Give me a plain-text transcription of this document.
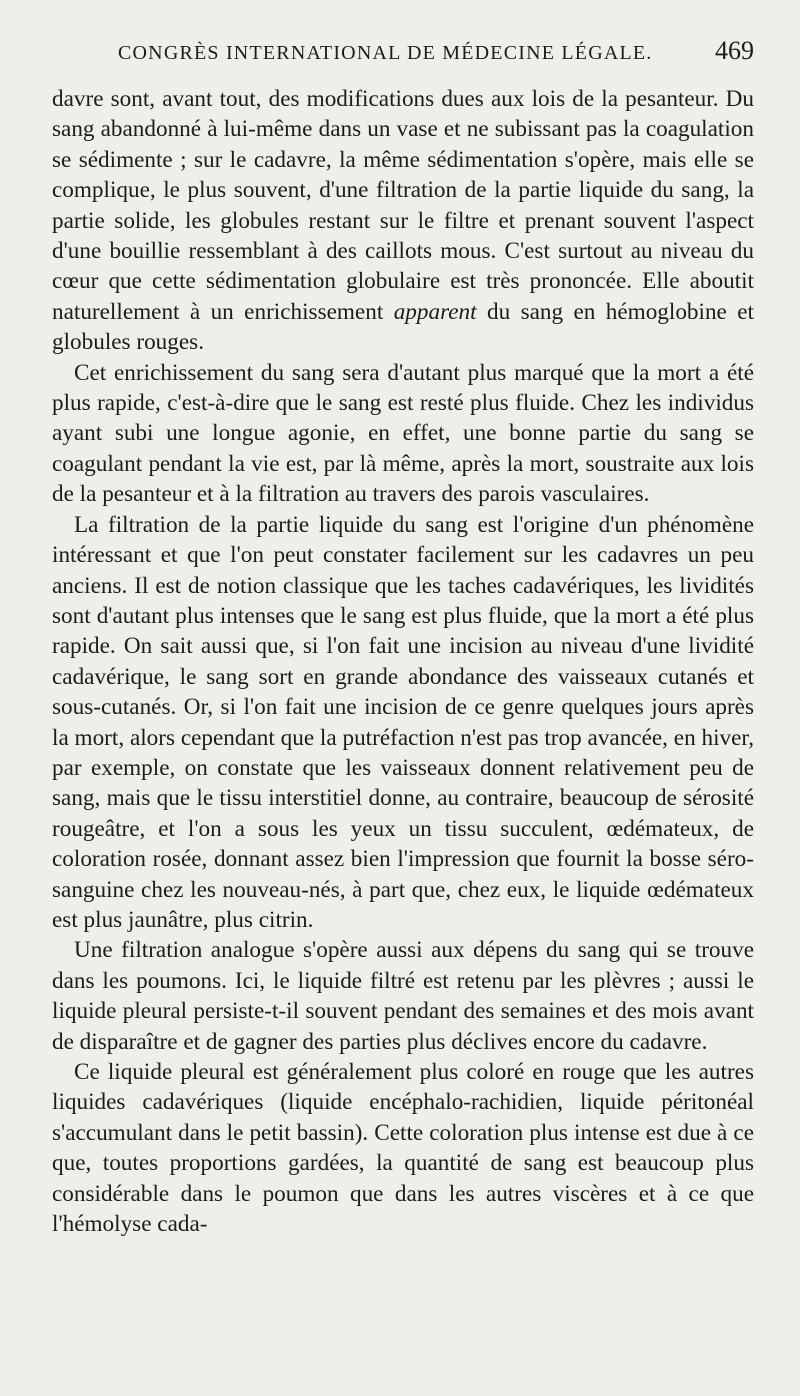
CONGRÈS INTERNATIONAL DE MÉDECINE LÉGALE. 469

davre sont, avant tout, des modifications dues aux lois de la pesanteur. Du sang abandonné à lui-même dans un vase et ne subissant pas la coagulation se sédimente ; sur le cadavre, la même sédimentation s'opère, mais elle se complique, le plus souvent, d'une filtration de la partie liquide du sang, la partie solide, les globules restant sur le filtre et prenant souvent l'aspect d'une bouillie ressemblant à des caillots mous. C'est surtout au niveau du cœur que cette sédimentation globulaire est très prononcée. Elle aboutit naturellement à un enrichissement apparent du sang en hémoglobine et globules rouges.

Cet enrichissement du sang sera d'autant plus marqué que la mort a été plus rapide, c'est-à-dire que le sang est resté plus fluide. Chez les individus ayant subi une longue agonie, en effet, une bonne partie du sang se coagulant pendant la vie est, par là même, après la mort, soustraite aux lois de la pesanteur et à la filtration au travers des parois vasculaires.

La filtration de la partie liquide du sang est l'origine d'un phénomène intéressant et que l'on peut constater facilement sur les cadavres un peu anciens. Il est de notion classique que les taches cadavériques, les lividités sont d'autant plus intenses que le sang est plus fluide, que la mort a été plus rapide. On sait aussi que, si l'on fait une incision au niveau d'une lividité cadavérique, le sang sort en grande abondance des vaisseaux cutanés et sous-cutanés. Or, si l'on fait une incision de ce genre quelques jours après la mort, alors cependant que la putréfaction n'est pas trop avancée, en hiver, par exemple, on constate que les vaisseaux donnent relativement peu de sang, mais que le tissu interstitiel donne, au contraire, beaucoup de sérosité rougeâtre, et l'on a sous les yeux un tissu succulent, œdémateux, de coloration rosée, donnant assez bien l'impression que fournit la bosse séro-sanguine chez les nouveau-nés, à part que, chez eux, le liquide œdémateux est plus jaunâtre, plus citrin.

Une filtration analogue s'opère aussi aux dépens du sang qui se trouve dans les poumons. Ici, le liquide filtré est retenu par les plèvres ; aussi le liquide pleural persiste-t-il souvent pendant des semaines et des mois avant de disparaître et de gagner des parties plus déclives encore du cadavre.

Ce liquide pleural est généralement plus coloré en rouge que les autres liquides cadavériques (liquide encéphalo-rachidien, liquide péritonéal s'accumulant dans le petit bassin). Cette coloration plus intense est due à ce que, toutes proportions gardées, la quantité de sang est beaucoup plus considérable dans le poumon que dans les autres viscères et à ce que l'hémolyse cada-
